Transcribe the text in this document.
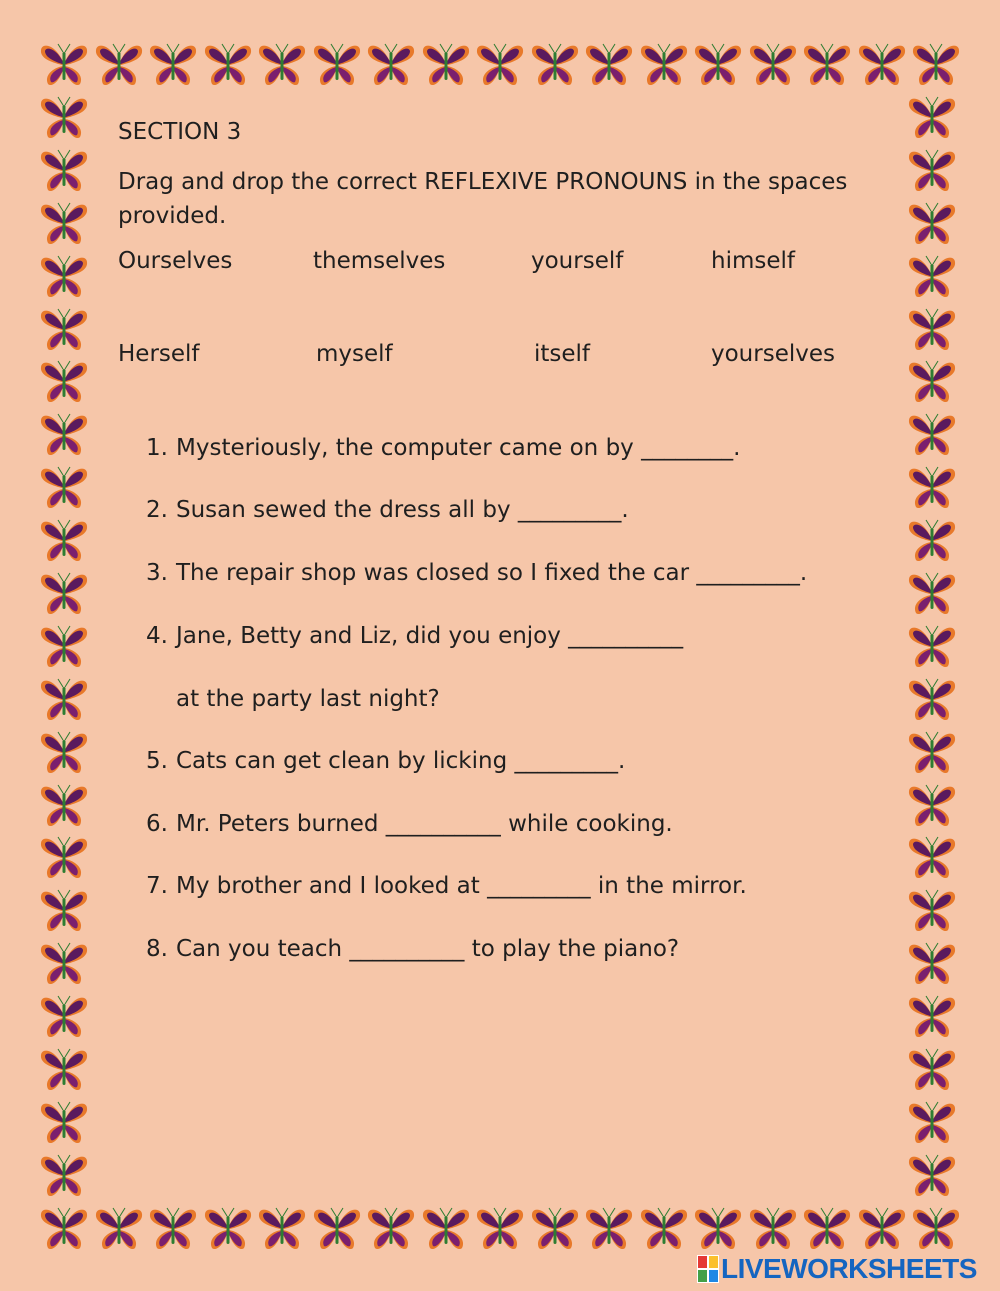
SECTION 3
Drag and drop the correct REFLEXIVE PRONOUNS in the spaces provided.
Ourselves	themselves	yourself	himself
Herself	myself	itself	yourselves
1. Mysteriously, the computer came on by ________.
2. Susan sewed the dress all by _________.
3. The repair shop was closed so I fixed the car _________.
4. Jane, Betty and Liz, did you enjoy __________
at the party last night?
5. Cats can get clean by licking _________.
6. Mr. Peters burned __________ while cooking.
7. My brother and I looked at _________ in the mirror.
8. Can you teach __________ to play the piano?
LIVEWORKSHEETS
